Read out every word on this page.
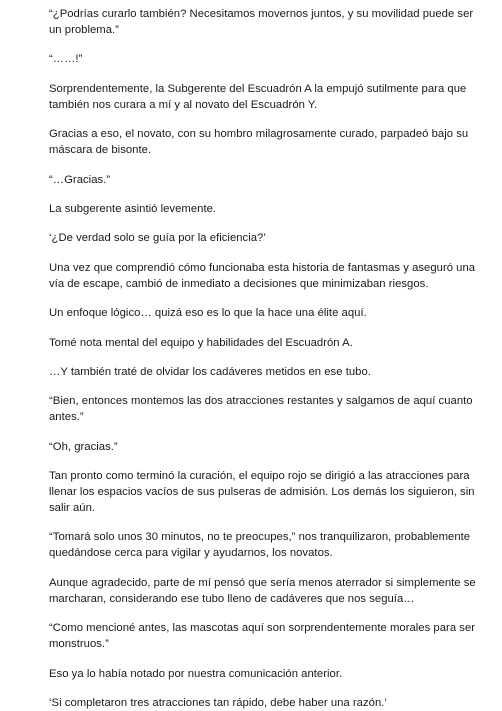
“¿Podrías curarlo también? Necesitamos movernos juntos, y su movilidad puede ser un problema.”

“……!”

Sorprendentemente, la Subgerente del Escuadrón A la empujó sutilmente para que también nos curara a mí y al novato del Escuadrón Y.

Gracias a eso, el novato, con su hombro milagrosamente curado, parpadeó bajo su máscara de bisonte.

“…Gracias.”

La subgerente asintió levemente.

‘¿De verdad solo se guía por la eficiencia?’

Una vez que comprendió cómo funcionaba esta historia de fantasmas y aseguró una vía de escape, cambió de inmediato a decisiones que minimizaban riesgos.

Un enfoque lógico… quizá eso es lo que la hace una élite aquí.

Tomé nota mental del equipo y habilidades del Escuadrón A.

…Y también traté de olvidar los cadáveres metidos en ese tubo.

“Bien, entonces montemos las dos atracciones restantes y salgamos de aquí cuanto antes.”

“Oh, gracias.”

Tan pronto como terminó la curación, el equipo rojo se dirigió a las atracciones para llenar los espacios vacíos de sus pulseras de admisión. Los demás los siguieron, sin salir aún.

“Tomará solo unos 30 minutos, no te preocupes,” nos tranquilizaron, probablemente quedándose cerca para vigilar y ayudarnos, los novatos.

Aunque agradecido, parte de mí pensó que sería menos aterrador si simplemente se marcharan, considerando ese tubo lleno de cadáveres que nos seguía…

“Como mencioné antes, las mascotas aquí son sorprendentemente morales para ser monstruos.”

Eso ya lo había notado por nuestra comunicación anterior.

‘Si completaron tres atracciones tan rápido, debe haber una razón.’
